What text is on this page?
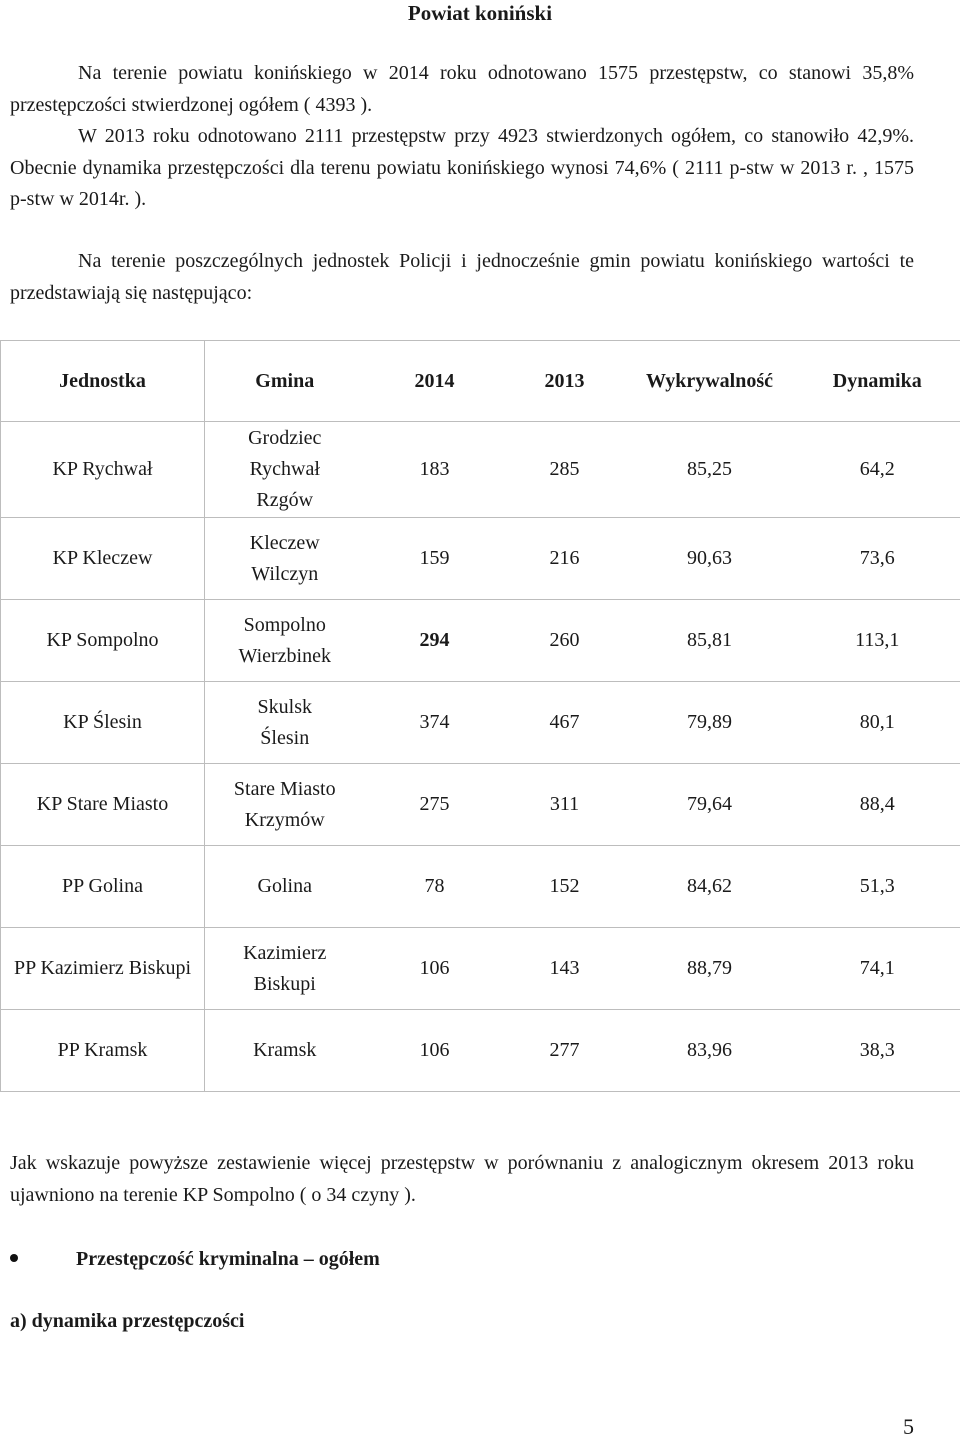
Powiat koniński

Na terenie powiatu konińskiego w 2014 roku odnotowano 1575 przestępstw, co stanowi 35,8% przestępczości stwierdzonej ogółem ( 4393 ).

W 2013 roku odnotowano 2111 przestępstw przy 4923 stwierdzonych ogółem, co stanowiło 42,9%. Obecnie dynamika przestępczości dla terenu powiatu konińskiego wynosi 74,6% ( 2111 p-stw w 2013 r. , 1575 p-stw w 2014r. ).

Na terenie poszczególnych jednostek Policji i jednocześnie gmin powiatu konińskiego wartości te przedstawiają się następująco:

Jednostka	Gmina	2014	2013	Wykrywalność	Dynamika
KP Rychwał	Grodziec
Rychwał
Rzgów	183	285	85,25	64,2
KP Kleczew	Kleczew
Wilczyn	159	216	90,63	73,6
KP Sompolno	Sompolno
Wierzbinek	294	260	85,81	113,1
KP Ślesin	Skulsk
Ślesin	374	467	79,89	80,1
KP Stare Miasto	Stare Miasto
Krzymów	275	311	79,64	88,4
PP Golina	Golina	78	152	84,62	51,3
PP Kazimierz Biskupi	Kazimierz
Biskupi	106	143	88,79	74,1
PP Kramsk	Kramsk	106	277	83,96	38,3

Jak wskazuje powyższe zestawienie więcej przestępstw w porównaniu z analogicznym okresem 2013 roku ujawniono na terenie KP Sompolno ( o 34 czyny ).

Przestępczość kryminalna – ogółem
a) dynamika przestępczości
5
